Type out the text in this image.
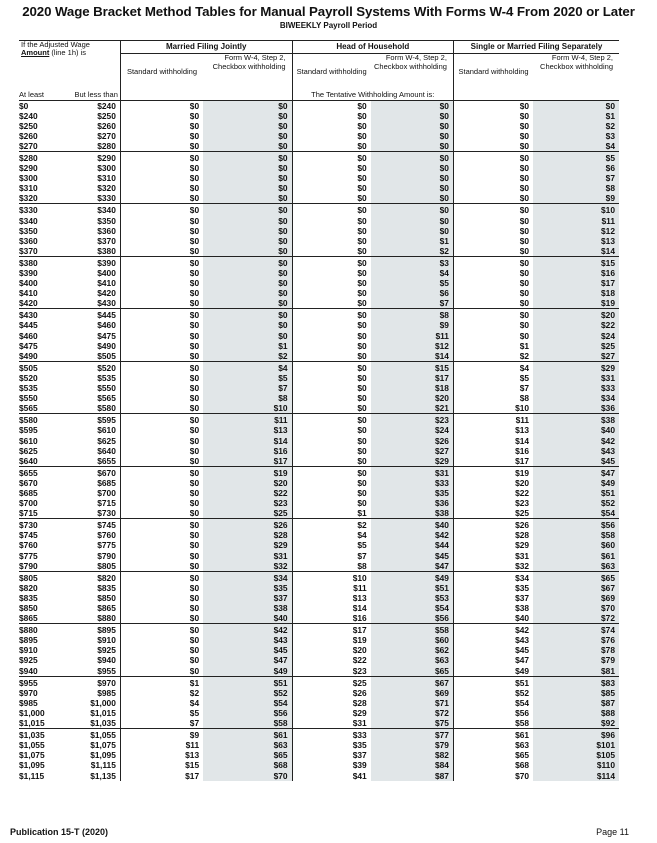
2020 Wage Bracket Method Tables for Manual Payroll Systems With Forms W-4 From 2020 or Later
BIWEEKLY Payroll Period
If the Adjusted Wage
Amount (line 1h) is		Married Filing Jointly		Head of Household		Single or Married Filing Separately	
		Standard withholding	Form W-4, Step 2, Checkbox withholding	Standard withholding	Form W-4, Step 2, Checkbox withholding	Standard withholding	Form W-4, Step 2, Checkbox withholding
At least	But less than			The Tentative Withholding Amount is:			
$0	$240	$0	$0	$0	$0	$0	$0
$240	$250	$0	$0	$0	$0	$0	$1
$250	$260	$0	$0	$0	$0	$0	$2
$260	$270	$0	$0	$0	$0	$0	$3
$270	$280	$0	$0	$0	$0	$0	$4
$280	$290	$0	$0	$0	$0	$0	$5
$290	$300	$0	$0	$0	$0	$0	$6
$300	$310	$0	$0	$0	$0	$0	$7
$310	$320	$0	$0	$0	$0	$0	$8
$320	$330	$0	$0	$0	$0	$0	$9
$330	$340	$0	$0	$0	$0	$0	$10
$340	$350	$0	$0	$0	$0	$0	$11
$350	$360	$0	$0	$0	$0	$0	$12
$360	$370	$0	$0	$0	$1	$0	$13
$370	$380	$0	$0	$0	$2	$0	$14
$380	$390	$0	$0	$0	$3	$0	$15
$390	$400	$0	$0	$0	$4	$0	$16
$400	$410	$0	$0	$0	$5	$0	$17
$410	$420	$0	$0	$0	$6	$0	$18
$420	$430	$0	$0	$0	$7	$0	$19
$430	$445	$0	$0	$0	$8	$0	$20
$445	$460	$0	$0	$0	$9	$0	$22
$460	$475	$0	$0	$0	$11	$0	$24
$475	$490	$0	$1	$0	$12	$1	$25
$490	$505	$0	$2	$0	$14	$2	$27
$505	$520	$0	$4	$0	$15	$4	$29
$520	$535	$0	$5	$0	$17	$5	$31
$535	$550	$0	$7	$0	$18	$7	$33
$550	$565	$0	$8	$0	$20	$8	$34
$565	$580	$0	$10	$0	$21	$10	$36
$580	$595	$0	$11	$0	$23	$11	$38
$595	$610	$0	$13	$0	$24	$13	$40
$610	$625	$0	$14	$0	$26	$14	$42
$625	$640	$0	$16	$0	$27	$16	$43
$640	$655	$0	$17	$0	$29	$17	$45
$655	$670	$0	$19	$0	$31	$19	$47
$670	$685	$0	$20	$0	$33	$20	$49
$685	$700	$0	$22	$0	$35	$22	$51
$700	$715	$0	$23	$0	$36	$23	$52
$715	$730	$0	$25	$1	$38	$25	$54
$730	$745	$0	$26	$2	$40	$26	$56
$745	$760	$0	$28	$4	$42	$28	$58
$760	$775	$0	$29	$5	$44	$29	$60
$775	$790	$0	$31	$7	$45	$31	$61
$790	$805	$0	$32	$8	$47	$32	$63
$805	$820	$0	$34	$10	$49	$34	$65
$820	$835	$0	$35	$11	$51	$35	$67
$835	$850	$0	$37	$13	$53	$37	$69
$850	$865	$0	$38	$14	$54	$38	$70
$865	$880	$0	$40	$16	$56	$40	$72
$880	$895	$0	$42	$17	$58	$42	$74
$895	$910	$0	$43	$19	$60	$43	$76
$910	$925	$0	$45	$20	$62	$45	$78
$925	$940	$0	$47	$22	$63	$47	$79
$940	$955	$0	$49	$23	$65	$49	$81
$955	$970	$1	$51	$25	$67	$51	$83
$970	$985	$2	$52	$26	$69	$52	$85
$985	$1,000	$4	$54	$28	$71	$54	$87
$1,000	$1,015	$5	$56	$29	$72	$56	$88
$1,015	$1,035	$7	$58	$31	$75	$58	$92
$1,035	$1,055	$9	$61	$33	$77	$61	$96
$1,055	$1,075	$11	$63	$35	$79	$63	$101
$1,075	$1,095	$13	$65	$37	$82	$65	$105
$1,095	$1,115	$15	$68	$39	$84	$68	$110
$1,115	$1,135	$17	$70	$41	$87	$70	$114
Publication 15-T (2020)	Page 11
